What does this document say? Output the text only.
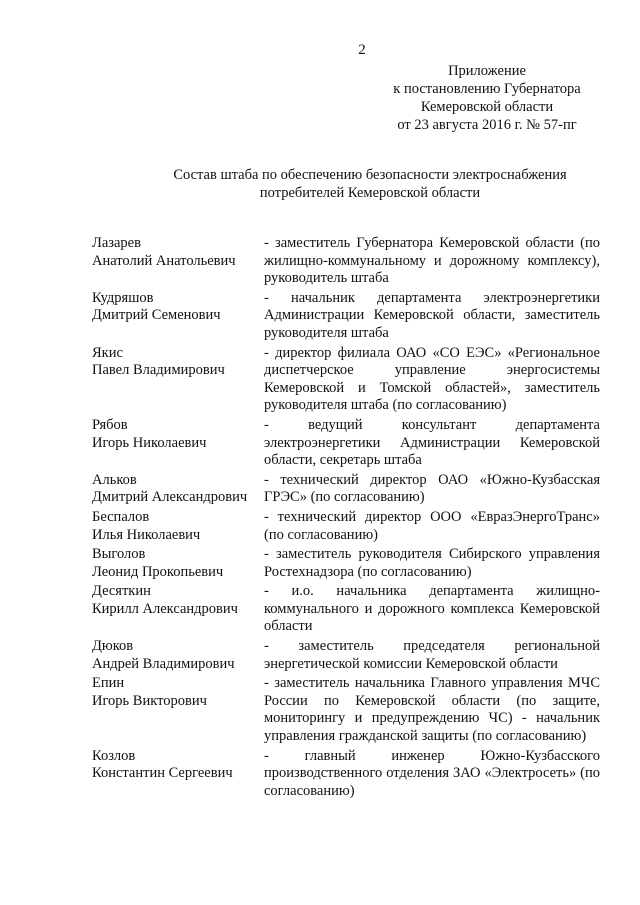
2
Приложение
к постановлению Губернатора
Кемеровской области
от 23 августа 2016 г. № 57-пг
Состав штаба по обеспечению безопасности электроснабжения
потребителей Кемеровской области
Лазарев
Анатолий Анатольевич
- заместитель Губернатора Кемеровской области (по жилищно-коммунальному и дорожному комплексу), руководитель штаба
Кудряшов
Дмитрий Семенович
- начальник департамента электроэнергетики Администрации Кемеровской области, заместитель руководителя штаба
Якис
Павел Владимирович
- директор филиала ОАО «СО ЕЭС» «Региональное диспетчерское управление энергосистемы Кемеровской и Томской областей», заместитель руководителя штаба (по согласованию)
Рябов
Игорь Николаевич
- ведущий консультант департамента электроэнергетики Администрации Кемеровской области, секретарь штаба
Альков
Дмитрий Александрович
- технический директор ОАО «Южно-Кузбасская ГРЭС» (по согласованию)
Беспалов
Илья Николаевич
- технический директор ООО «ЕвразЭнергоТранс» (по согласованию)
Выголов
Леонид Прокопьевич
- заместитель руководителя Сибирского управления Ростехнадзора (по согласованию)
Десяткин
Кирилл Александрович
- и.о. начальника департамента жилищно-коммунального и дорожного комплекса Кемеровской области
Дюков
Андрей Владимирович
- заместитель председателя региональной энергетической комиссии Кемеровской области
Епин
Игорь Викторович
- заместитель начальника Главного управления МЧС России по Кемеровской области (по защите, мониторингу и предупреждению ЧС) - начальник управления гражданской защиты (по согласованию)
Козлов
Константин Сергеевич
- главный инженер Южно-Кузбасского производственного отделения ЗАО «Электросеть» (по согласованию)
